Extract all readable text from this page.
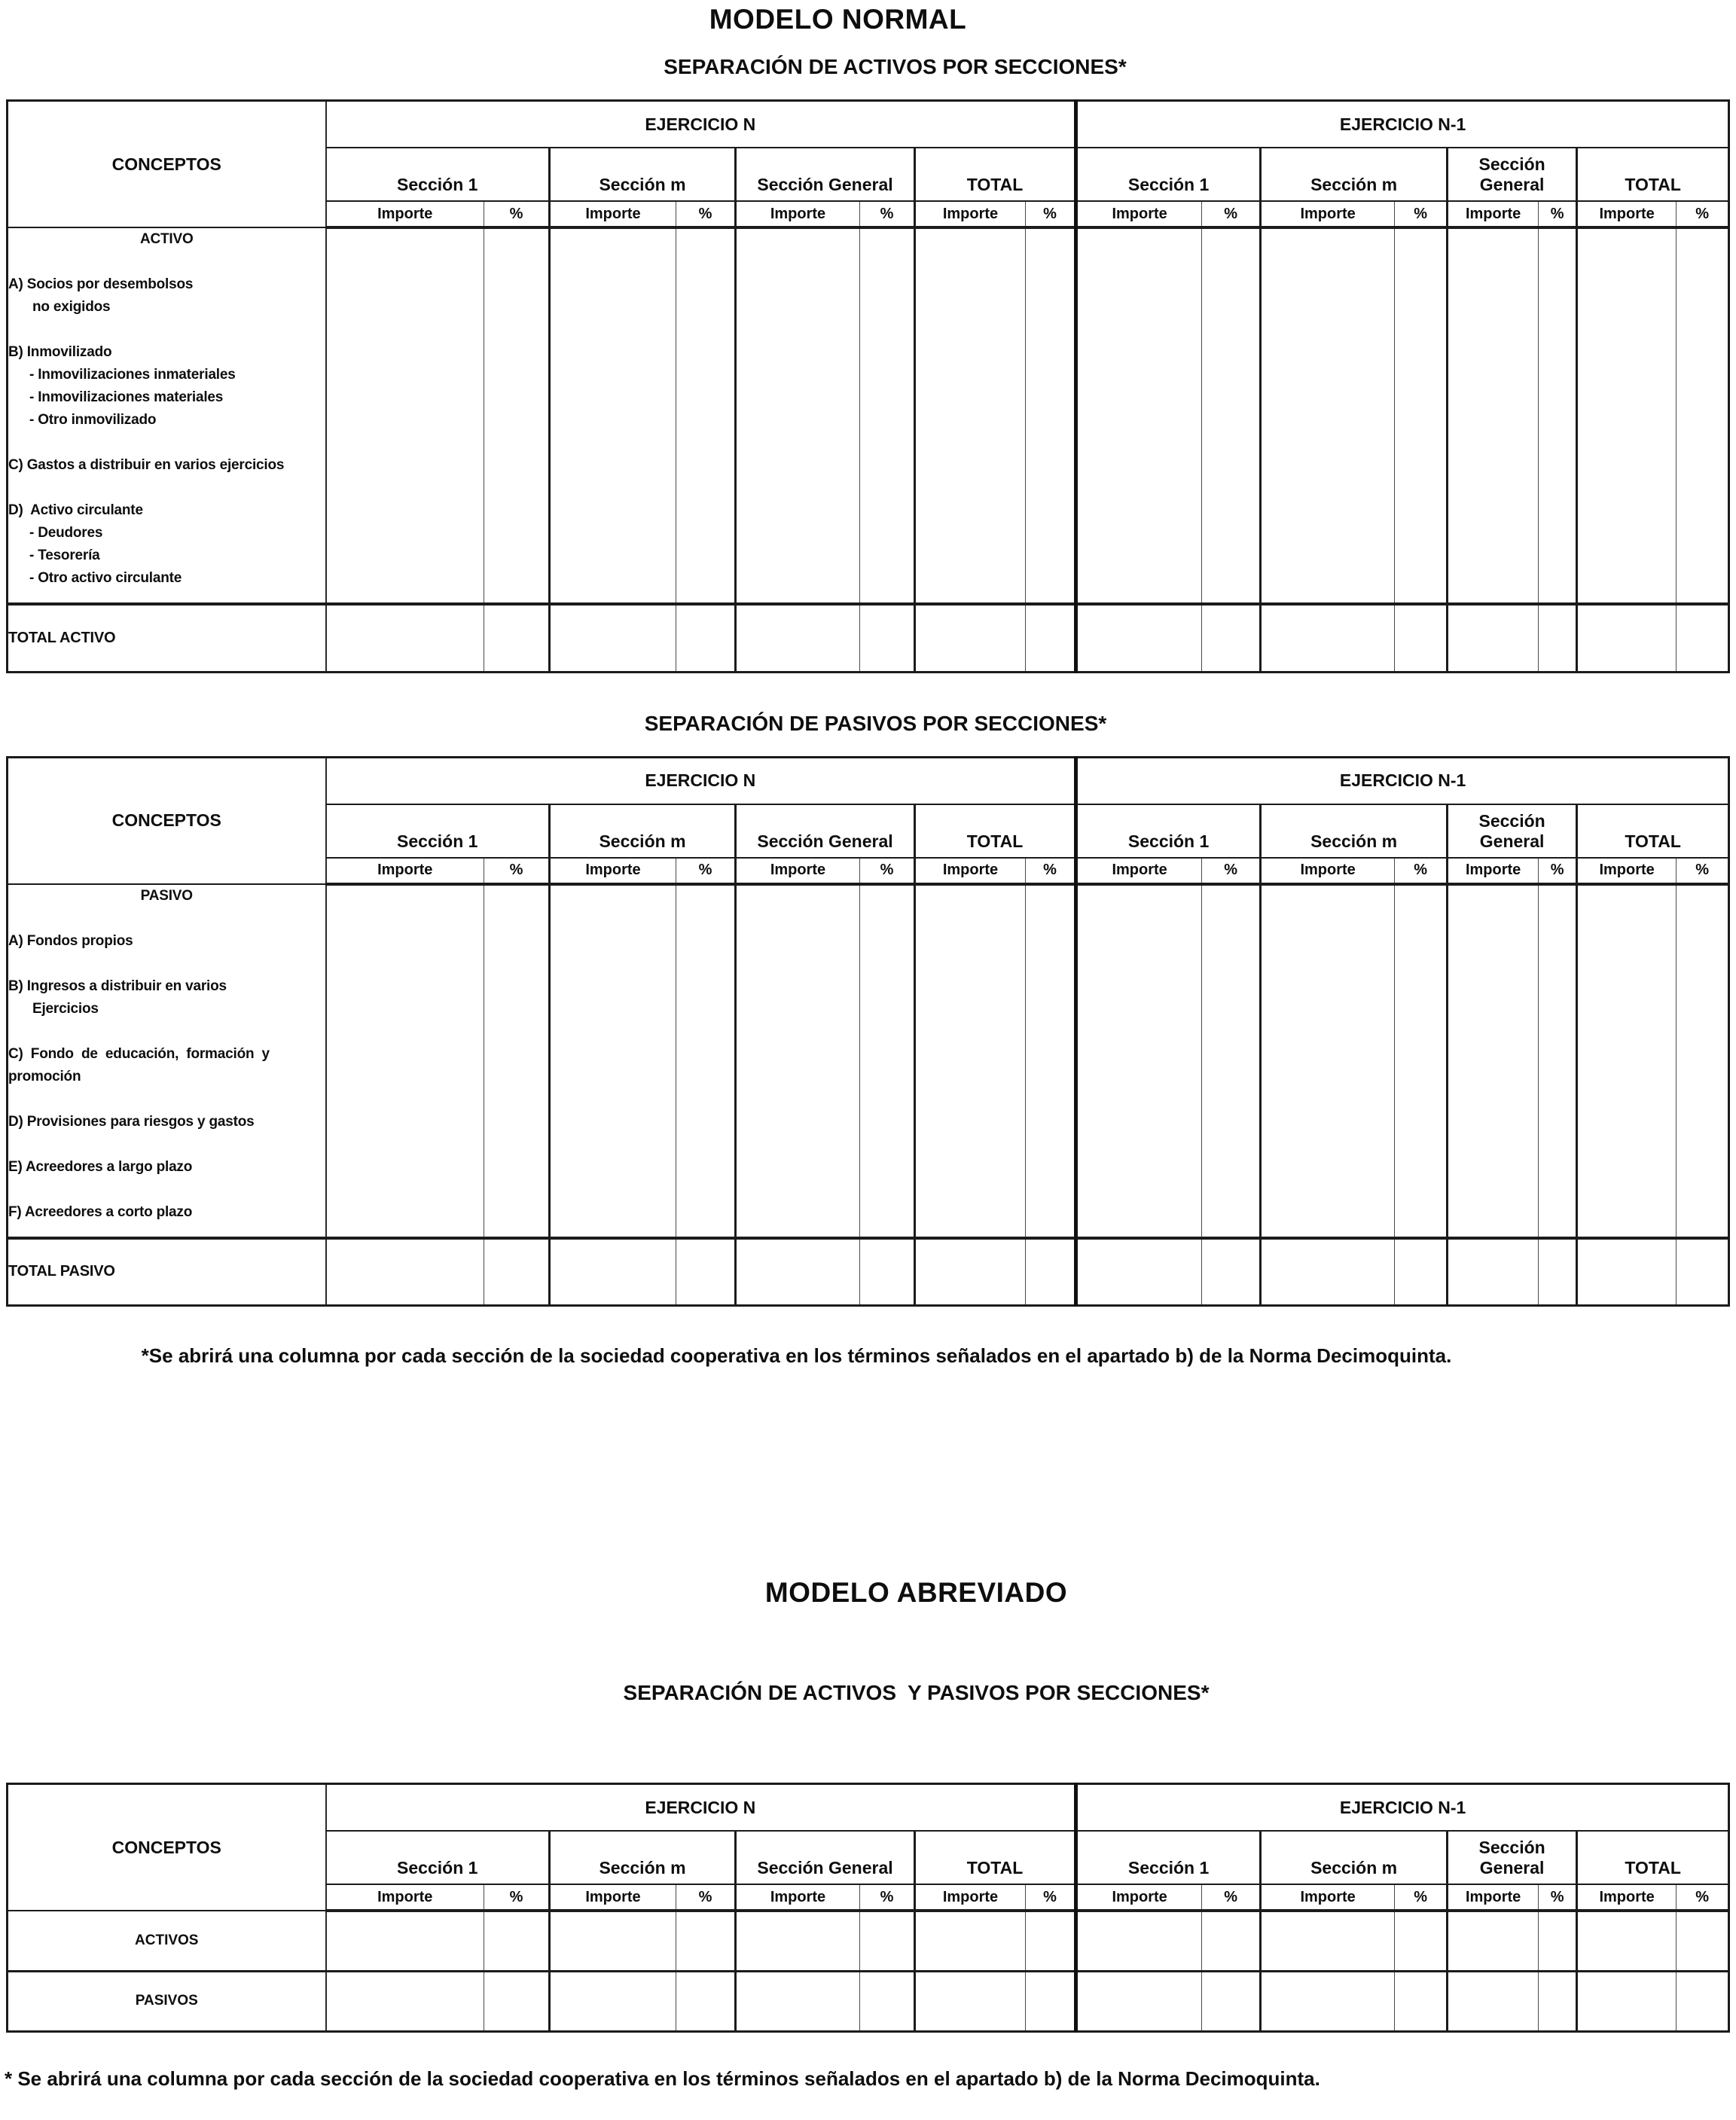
MODELO NORMAL
SEPARACIÓN DE ACTIVOS POR SECCIONES*
CONCEPTOS	EJERCICIO N								EJERCICIO N-1							
	Sección 1		Sección m		Sección General		TOTAL		Sección 1		Sección m		Sección General		TOTAL	
	Importe	%	Importe	%	Importe	%	Importe	%	Importe	%	Importe	%	Importe	%	Importe	%

ACTIVO
A) Socios por desembolsos
no exigidos
B) Inmovilizado
- Inmovilizaciones inmateriales
- Inmovilizaciones materiales
- Otro inmovilizado
C) Gastos a distribuir en varios ejercicios
D)  Activo circulante
- Deudores
- Tesorería
- Otro activo circulante

TOTAL ACTIVO																
SEPARACIÓN DE PASIVOS POR SECCIONES*
CONCEPTOS	EJERCICIO N								EJERCICIO N-1							
	Sección 1		Sección m		Sección General		TOTAL		Sección 1		Sección m		Sección General		TOTAL	
	Importe	%	Importe	%	Importe	%	Importe	%	Importe	%	Importe	%	Importe	%	Importe	%

PASIVO
A) Fondos propios
B) Ingresos a distribuir en varios
Ejercicios
C)  Fondo  de  educación,  formación  y
promoción
D) Provisiones para riesgos y gastos
E) Acreedores a largo plazo
F) Acreedores a corto plazo

TOTAL PASIVO																
*Se abrirá una columna por cada sección de la sociedad cooperativa en los términos señalados en el apartado b) de la Norma Decimoquinta.
MODELO ABREVIADO
SEPARACIÓN DE ACTIVOS  Y PASIVOS POR SECCIONES*
CONCEPTOS	EJERCICIO N								EJERCICIO N-1							
	Sección 1		Sección m		Sección General		TOTAL		Sección 1		Sección m		Sección General		TOTAL	
	Importe	%	Importe	%	Importe	%	Importe	%	Importe	%	Importe	%	Importe	%	Importe	%
ACTIVOS																
PASIVOS																
* Se abrirá una columna por cada sección de la sociedad cooperativa en los términos señalados en el apartado b) de la Norma Decimoquinta.
